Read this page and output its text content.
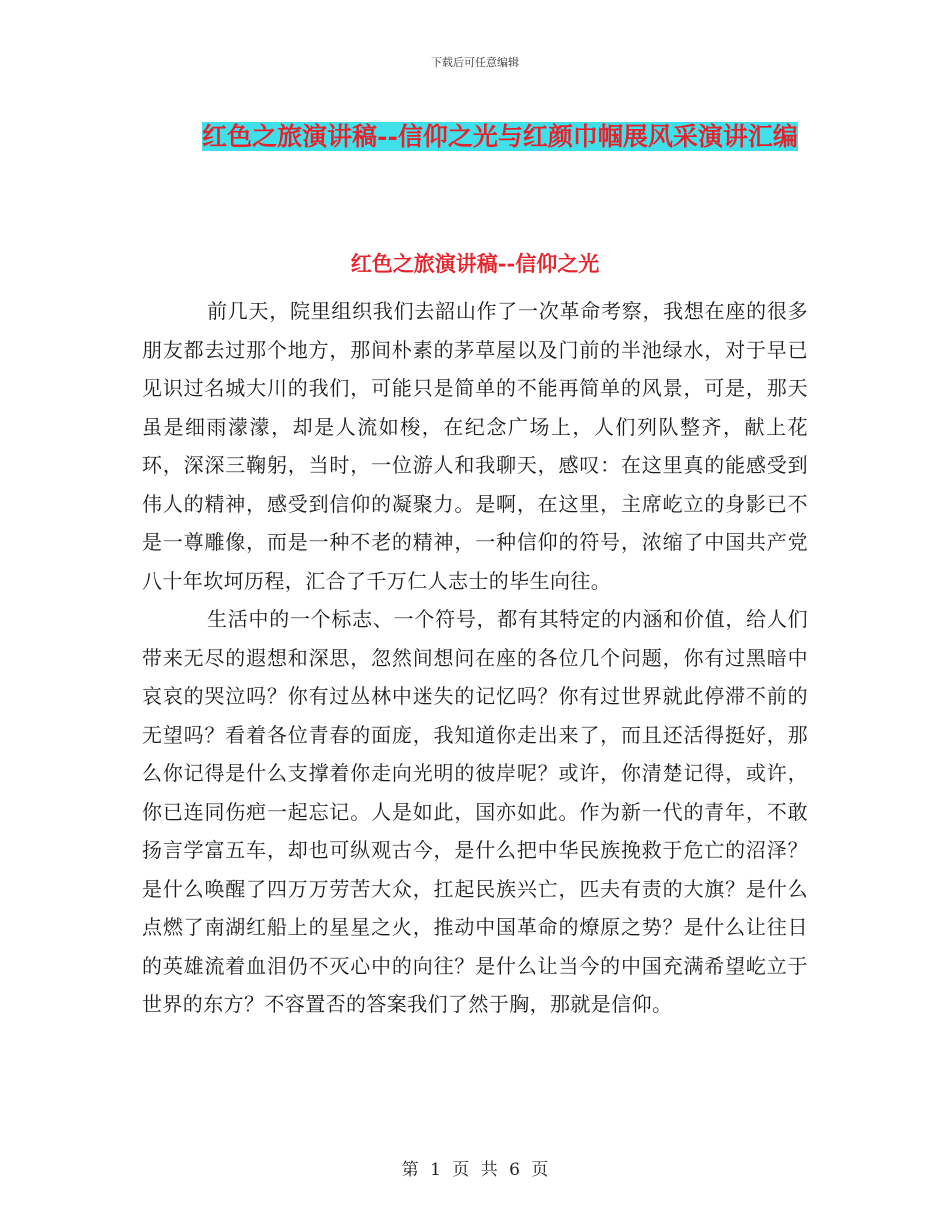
下载后可任意编辑
红色之旅演讲稿--信仰之光与红颜巾帼展风采演讲汇编
红色之旅演讲稿--信仰之光

前几天，院里组织我们去韶山作了一次革命考察，我想在座的很多朋友都去过那个地方，那间朴素的茅草屋以及门前的半池绿水，对于早已见识过名城大川的我们，可能只是简单的不能再简单的风景，可是，那天虽是细雨濛濛，却是人流如梭，在纪念广场上，人们列队整齐，献上花环，深深三鞠躬，当时，一位游人和我聊天，感叹：在这里真的能感受到伟人的精神，感受到信仰的凝聚力。是啊，在这里，主席屹立的身影已不是一尊雕像，而是一种不老的精神，一种信仰的符号，浓缩了中国共产党八十年坎坷历程，汇合了千万仁人志士的毕生向往。

生活中的一个标志、一个符号，都有其特定的内涵和价值，给人们带来无尽的遐想和深思，忽然间想问在座的各位几个问题，你有过黑暗中哀哀的哭泣吗？你有过丛林中迷失的记忆吗？你有过世界就此停滞不前的无望吗？看着各位青春的面庞，我知道你走出来了，而且还活得挺好，那么你记得是什么支撑着你走向光明的彼岸呢？或许，你清楚记得，或许，你已连同伤疤一起忘记。人是如此，国亦如此。作为新一代的青年，不敢扬言学富五车，却也可纵观古今，是什么把中华民族挽救于危亡的沼泽？是什么唤醒了四万万劳苦大众，扛起民族兴亡，匹夫有责的大旗？是什么点燃了南湖红船上的星星之火，推动中国革命的燎原之势？是什么让往日的英雄流着血泪仍不灭心中的向往？是什么让当今的中国充满希望屹立于世界的东方？不容置否的答案我们了然于胸，那就是信仰。

第 1 页 共 6 页
